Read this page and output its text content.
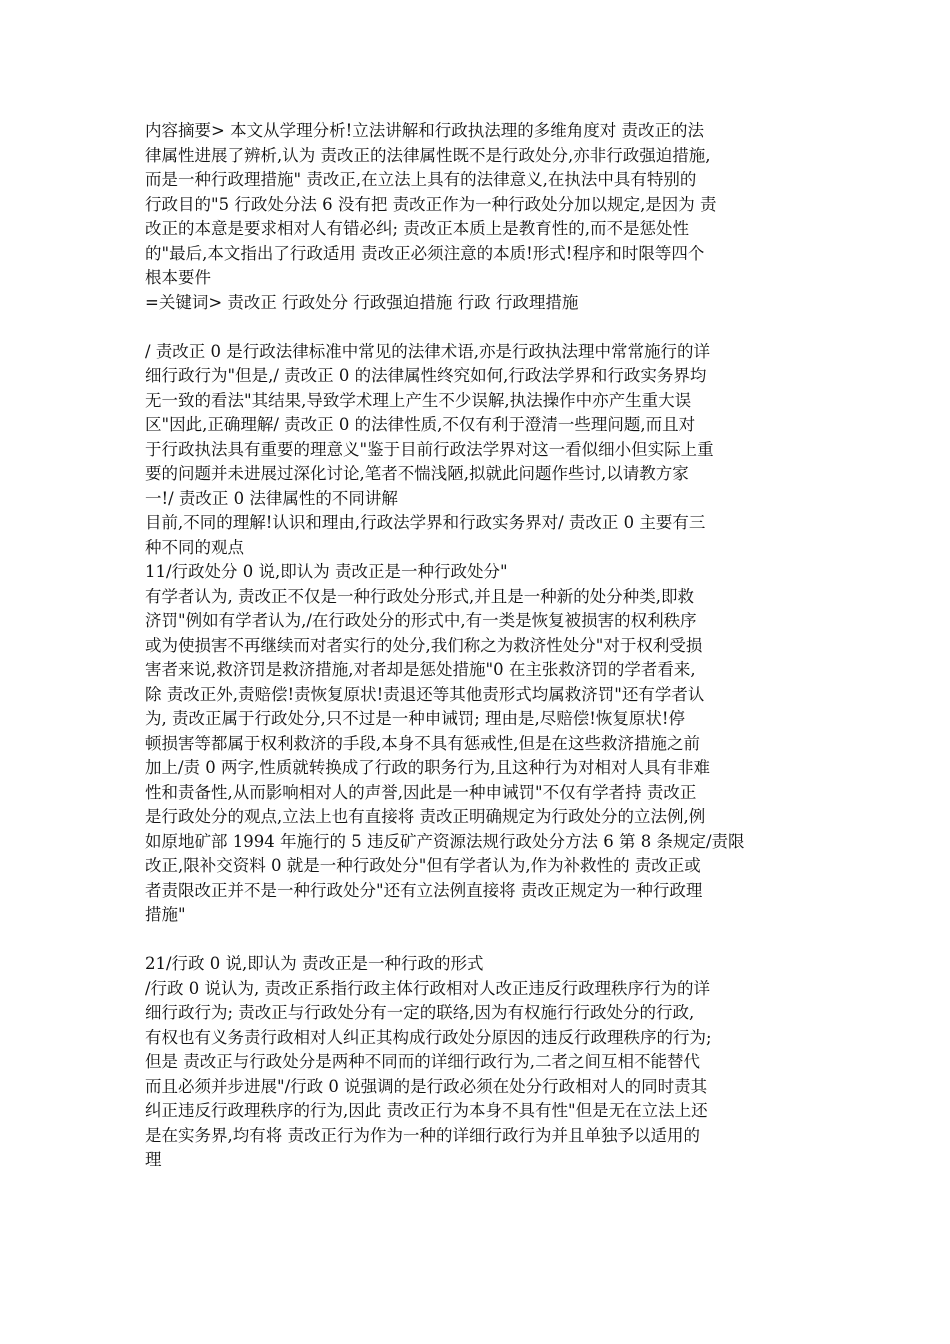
内容摘要> 本文从学理分析!立法讲解和行政执法理的多维角度对 责改正的法
律属性进展了辨析,认为 责改正的法律属性既不是行政处分,亦非行政强迫措施,
而是一种行政理措施" 责改正,在立法上具有的法律意义,在执法中具有特别的
行政目的"5 行政处分法 6 没有把 责改正作为一种行政处分加以规定,是因为 责
改正的本意是要求相对人有错必纠; 责改正本质上是教育性的,而不是惩处性
的"最后,本文指出了行政适用 责改正必须注意的本质!形式!程序和时限等四个
根本要件

=关键词> 责改正 行政处分 行政强迫措施 行政 行政理措施

/ 责改正 0 是行政法律标准中常见的法律术语,亦是行政执法理中常常施行的详
细行政行为"但是,/ 责改正 0 的法律属性终究如何,行政法学界和行政实务界均
无一致的看法"其结果,导致学术理上产生不少误解,执法操作中亦产生重大误
区"因此,正确理解/ 责改正 0 的法律性质,不仅有利于澄清一些理问题,而且对
于行政执法具有重要的理意义"鉴于目前行政法学界对这一看似细小但实际上重
要的问题并未进展过深化讨论,笔者不惴浅陋,拟就此问题作些讨,以请教方家
一!/ 责改正 0 法律属性的不同讲解

目前,不同的理解!认识和理由,行政法学界和行政实务界对/ 责改正 0 主要有三
种不同的观点

11/行政处分 0 说,即认为 责改正是一种行政处分"

有学者认为, 责改正不仅是一种行政处分形式,并且是一种新的处分种类,即救
济罚"例如有学者认为,/在行政处分的形式中,有一类是恢复被损害的权利秩序
或为使损害不再继续而对者实行的处分,我们称之为救济性处分"对于权利受损
害者来说,救济罚是救济措施,对者却是惩处措施"0 在主张救济罚的学者看来,
除 责改正外,责赔偿!责恢复原状!责退还等其他责形式均属救济罚"还有学者认
为, 责改正属于行政处分,只不过是一种申诫罚; 理由是,尽赔偿!恢复原状!停
顿损害等都属于权利救济的手段,本身不具有惩戒性,但是在这些救济措施之前
加上/责 0 两字,性质就转换成了行政的职务行为,且这种行为对相对人具有非难
性和责备性,从而影响相对人的声誉,因此是一种申诫罚"不仅有学者持 责改正
是行政处分的观点,立法上也有直接将 责改正明确规定为行政处分的立法例,例
如原地矿部 1994 年施行的 5 违反矿产资源法规行政处分方法 6 第 8 条规定/责限
改正,限补交资料 0 就是一种行政处分"但有学者认为,作为补救性的 责改正或
者责限改正并不是一种行政处分"还有立法例直接将 责改正规定为一种行政理
措施"

21/行政 0 说,即认为 责改正是一种行政的形式

/行政 0 说认为, 责改正系指行政主体行政相对人改正违反行政理秩序行为的详
细行政行为; 责改正与行政处分有一定的联络,因为有权施行行政处分的行政,
有权也有义务责行政相对人纠正其构成行政处分原因的违反行政理秩序的行为;
但是 责改正与行政处分是两种不同而的详细行政行为,二者之间互相不能替代
而且必须并步进展"/行政 0 说强调的是行政必须在处分行政相对人的同时责其
纠正违反行政理秩序的行为,因此 责改正行为本身不具有性"但是无在立法上还
是在实务界,均有将 责改正行为作为一种的详细行政行为并且单独予以适用的
理
